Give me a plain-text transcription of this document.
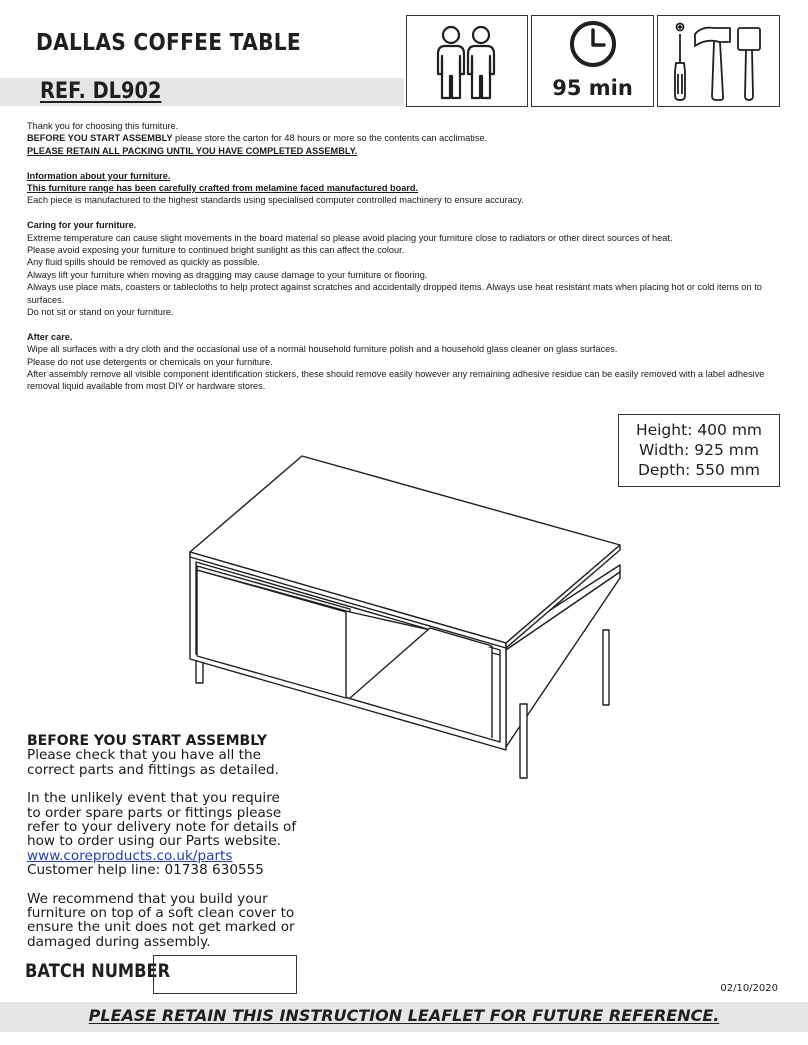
DALLAS COFFEE TABLE
REF. DL902	95 min

Thank you for choosing this furniture.

BEFORE YOU START ASSEMBLY please store the carton for 48 hours or more so the contents can acclimatise.

PLEASE RETAIN ALL PACKING UNTIL YOU HAVE COMPLETED ASSEMBLY.

Information about your furniture.

This furniture range has been carefully crafted from melamine faced manufactured board.

Each piece is manufactured to the highest standards using specialised computer controlled machinery to ensure accuracy.

Caring for your furniture.

Extreme temperature can cause slight movements in the board material so please avoid placing your furniture close to radiators or other direct sources of heat.

Please avoid exposing your furniture to continued bright sunlight as this can affect the colour.

Any fluid spills should be removed as quickly as possible.

Always lift your furniture when moving as dragging may cause damage to your furniture or flooring.

Always use place mats, coasters or tablecloths to help protect against scratches and accidentally dropped items. Always use heat resistant mats when placing hot or cold items on to surfaces.

Do not sit or stand on your furniture.

After care.

Wipe all surfaces with a dry cloth and the occasional use of a normal household furniture polish and a household glass cleaner on glass surfaces.

Please do not use detergents or chemicals on your furniture.

After assembly remove all visible component identification stickers, these should remove easily however any remaining adhesive residue can be easily removed with a label adhesive removal liquid available from most DIY or hardware stores.

Height: 400 mm
Width: 925 mm
Depth: 550 mm

BEFORE YOU START ASSEMBLY

Please check that you have all the correct parts and fittings as detailed.

In the unlikely event that you require to order spare parts or fittings please refer to your delivery note for details of how to order using our Parts website.

www.coreproducts.co.uk/parts

Customer help line: 01738 630555

We recommend that you build your furniture on top of a soft clean cover to ensure the unit does not get marked or damaged during assembly.

BATCH NUMBER
02/10/2020
PLEASE RETAIN THIS INSTRUCTION LEAFLET FOR FUTURE REFERENCE.
